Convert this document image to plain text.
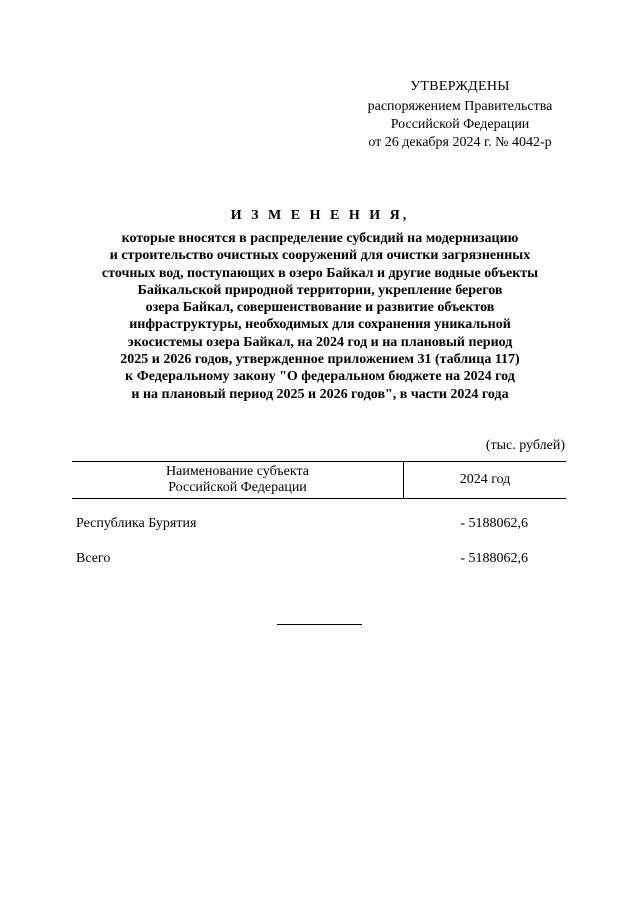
УТВЕРЖДЕНЫ
распоряжением Правительства
Российской Федерации
от 26 декабря 2024 г. № 4042-р
И З М Е Н Е Н И Я,
которые вносятся в распределение субсидий на модернизацию
и строительство очистных сооружений для очистки загрязненных
сточных вод, поступающих в озеро Байкал и другие водные объекты
Байкальской природной территории, укрепление берегов
озера Байкал, совершенствование и развитие объектов
инфраструктуры, необходимых для сохранения уникальной
экосистемы озера Байкал, на 2024 год и на плановый период
2025 и 2026 годов, утвержденное приложением 31 (таблица 117)
к Федеральному закону "О федеральном бюджете на 2024 год
и на плановый период 2025 и 2026 годов", в части 2024 года
(тыс. рублей)
Наименование субъекта
Российской Федерации
2024 год
Республика Бурятия	- 5188062,6
Всего	- 5188062,6
